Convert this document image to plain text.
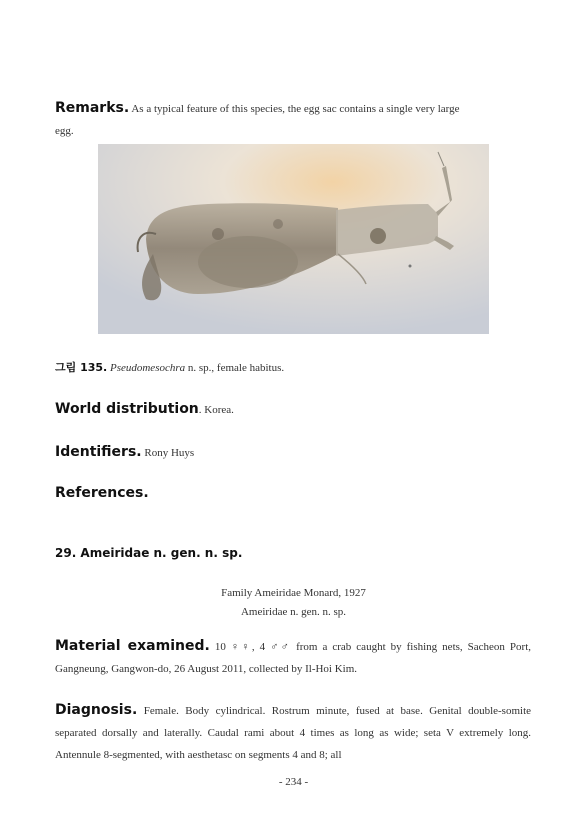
Remarks. As a typical feature of this species, the egg sac contains a single very large
egg.
그림 135. Pseudomesochra n. sp., female habitus.
World distribution. Korea.
Identifiers. Rony Huys
References.
29. Ameiridae n. gen. n. sp.
Family Ameiridae Monard, 1927
Ameiridae n. gen. n. sp.
Material examined. 10 ♀♀, 4 ♂♂ from a crab caught by fishing nets, Sacheon Port, Gangneung, Gangwon-do, 26 August 2011, collected by Il-Hoi Kim.
Diagnosis. Female. Body cylindrical. Rostrum minute, fused at base. Genital double-somite separated dorsally and laterally. Caudal rami about 4 times as long as wide; seta V extremely long. Antennule 8-segmented, with aesthetasc on segments 4 and 8; all
- 234 -
